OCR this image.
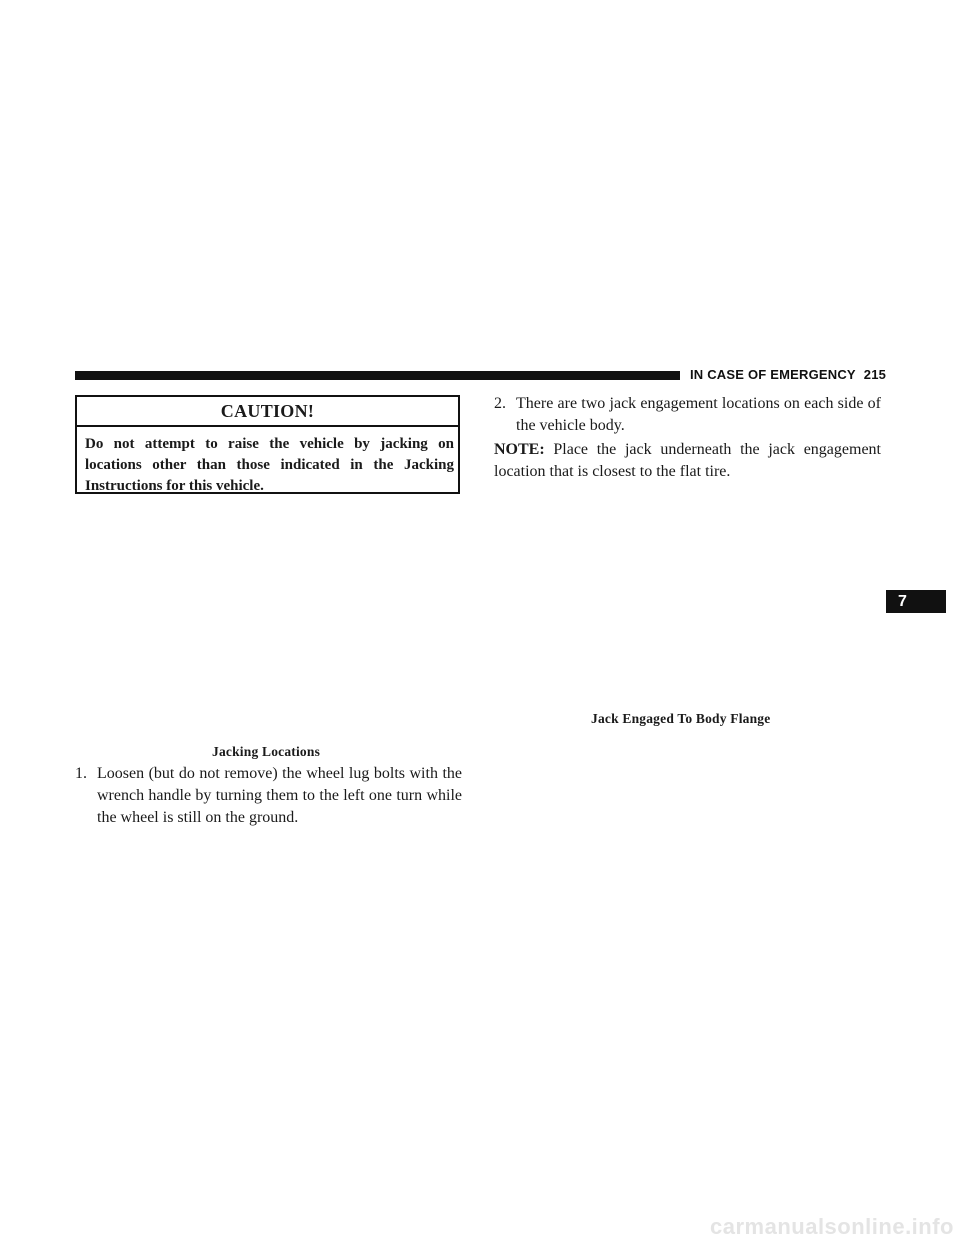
IN CASE OF EMERGENCY 215
CAUTION!
Do not attempt to raise the vehicle by jacking on locations other than those indicated in the Jacking Instructions for this vehicle.
Jacking Locations
1. Loosen (but do not remove) the wheel lug bolts with the wrench handle by turning them to the left one turn while the wheel is still on the ground.
2. There are two jack engagement locations on each side of the vehicle body.
NOTE: Place the jack underneath the jack engagement location that is closest to the flat tire.
Jack Engaged To Body Flange
7
carmanualsonline.info
